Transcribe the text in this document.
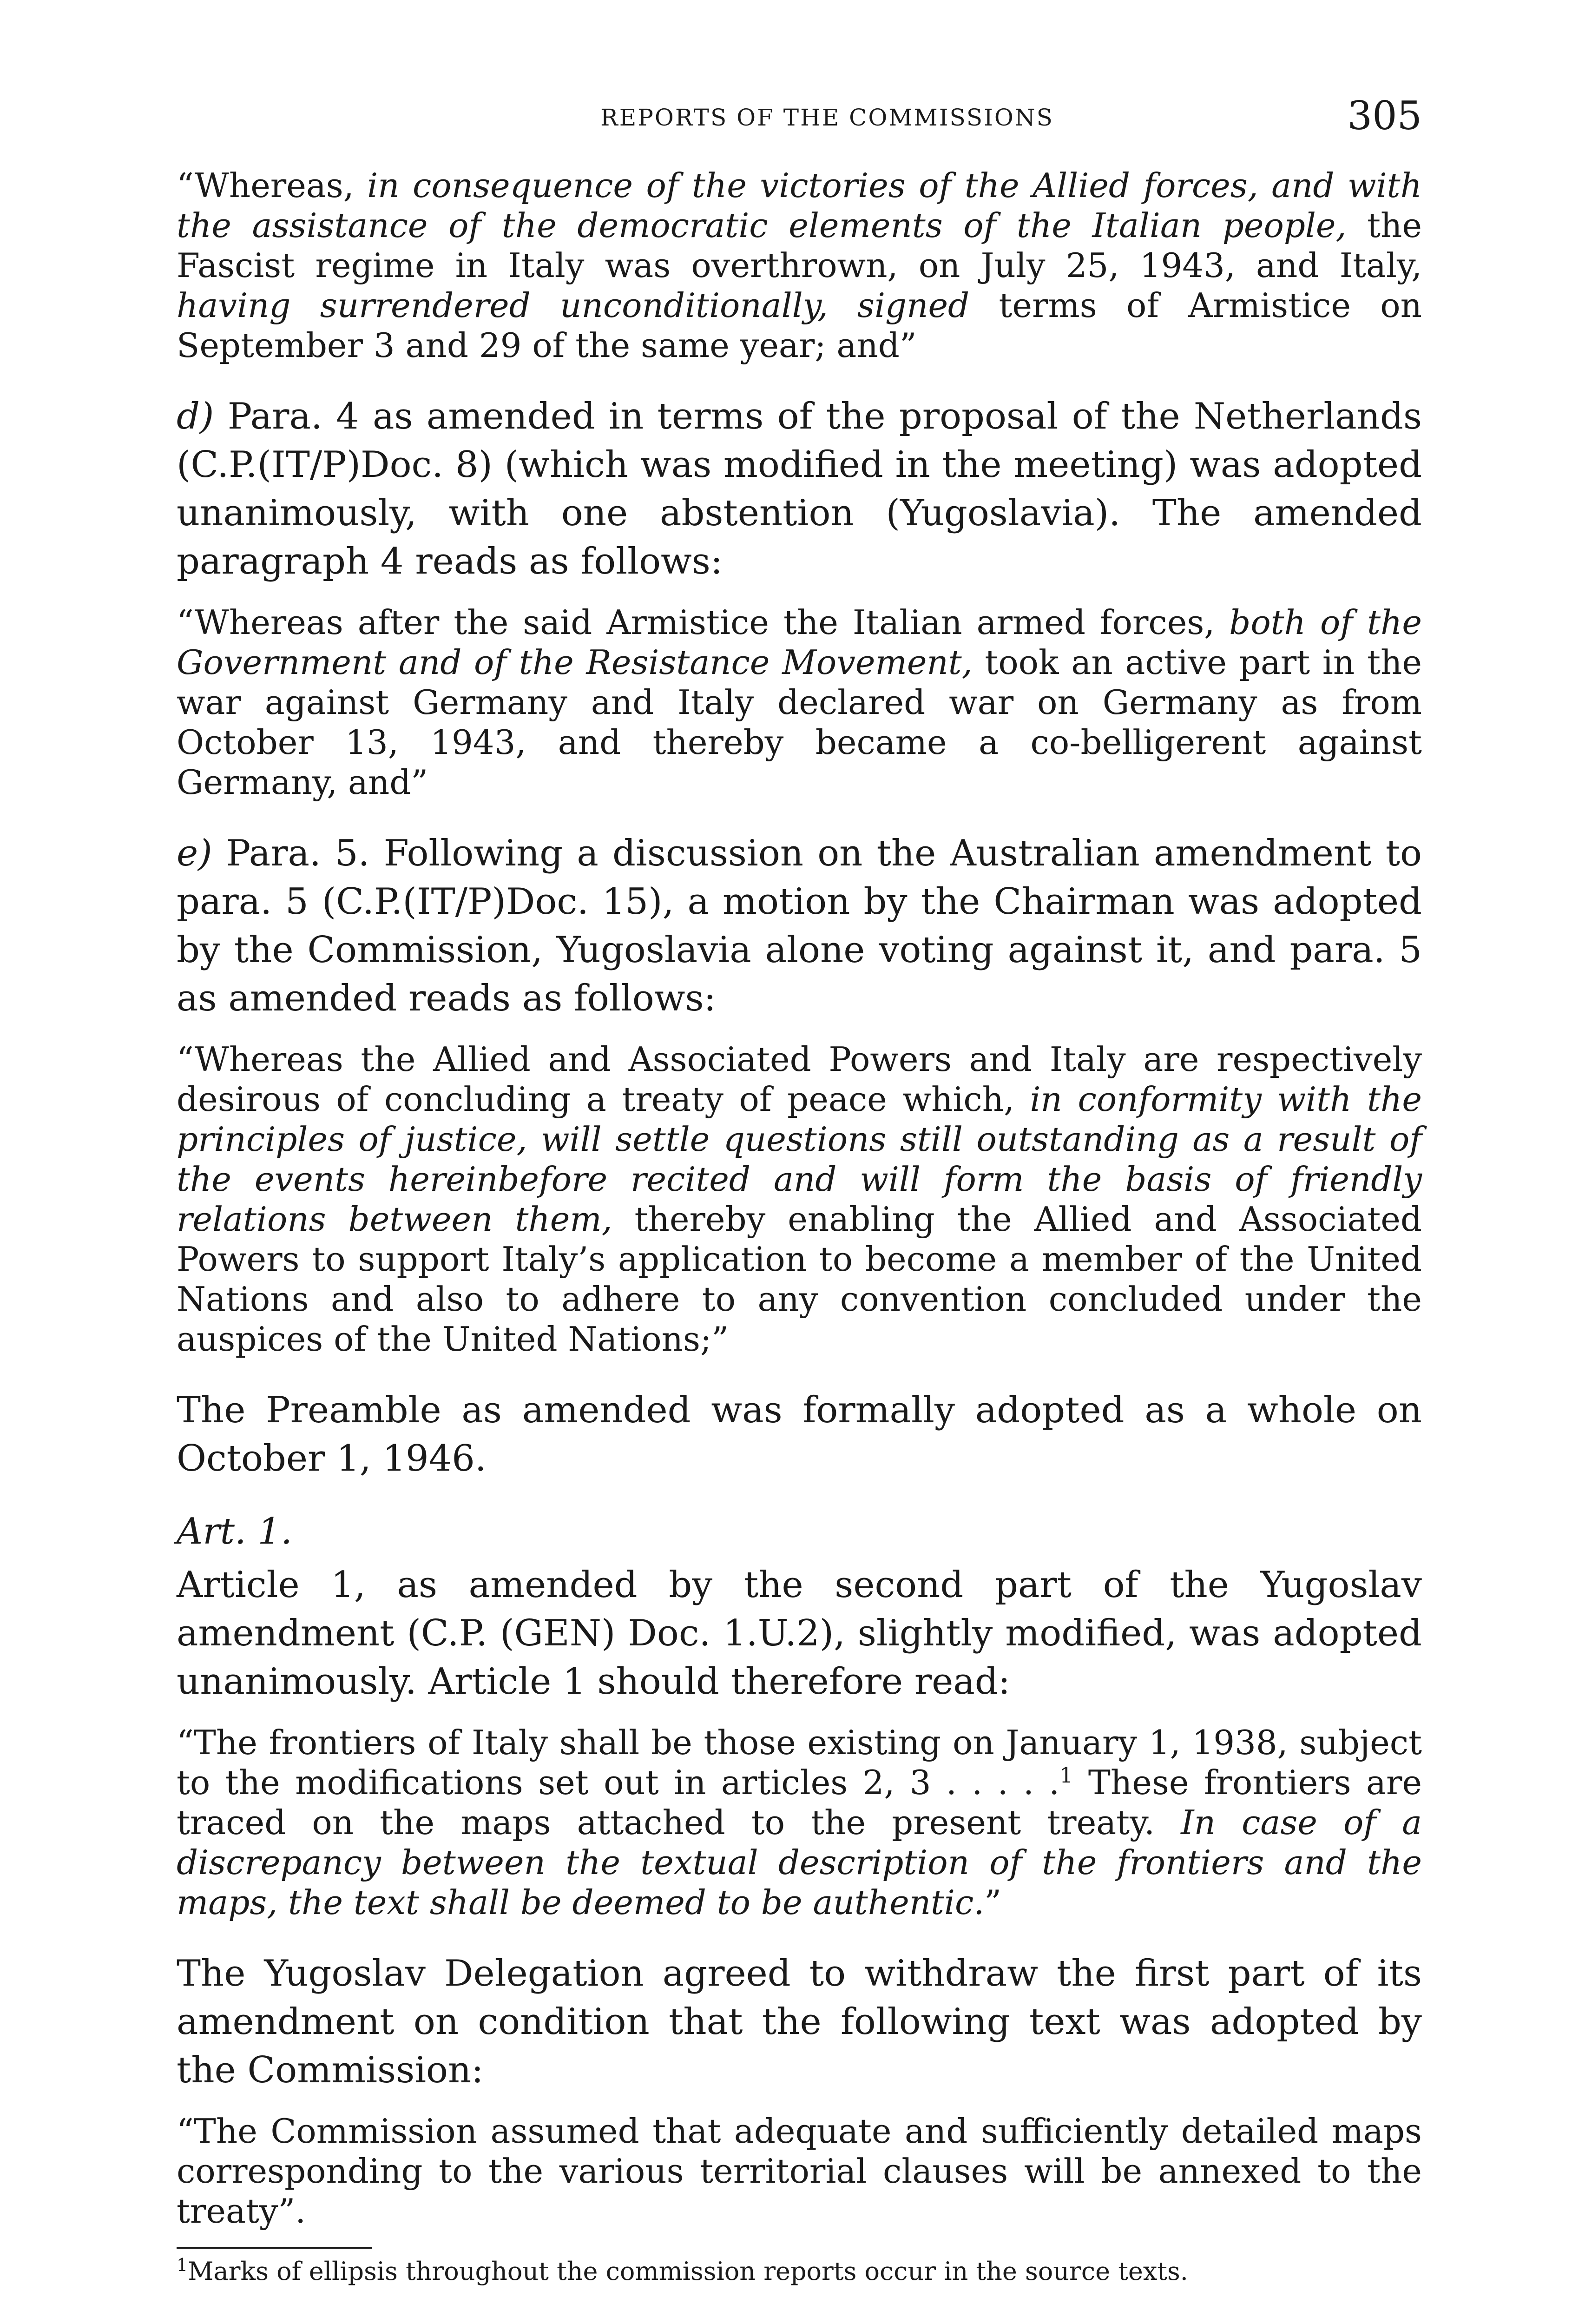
REPORTS OF THE COMMISSIONS	305

“Whereas, in consequence of the victories of the Allied forces, and with the assistance of the democratic elements of the Italian people, the Fascist regime in Italy was overthrown, on July 25, 1943, and Italy, having surrendered unconditionally, signed terms of Armistice on September 3 and 29 of the same year; and”

d) Para. 4 as amended in terms of the proposal of the Netherlands (C.P.(IT/P)Doc. 8) (which was modified in the meeting) was adopted unanimously, with one abstention (Yugoslavia). The amended paragraph 4 reads as follows:

“Whereas after the said Armistice the Italian armed forces, both of the Government and of the Resistance Movement, took an active part in the war against Germany and Italy declared war on Germany as from October 13, 1943, and thereby became a co-belligerent against Germany, and”

e) Para. 5. Following a discussion on the Australian amendment to para. 5 (C.P.(IT/P)Doc. 15), a motion by the Chairman was adopted by the Commission, Yugoslavia alone voting against it, and para. 5 as amended reads as follows:

“Whereas the Allied and Associated Powers and Italy are respectively desirous of concluding a treaty of peace which, in conformity with the principles of justice, will settle questions still outstanding as a result of the events hereinbefore recited and will form the basis of friendly relations between them, thereby enabling the Allied and Associated Powers to support Italy’s application to become a member of the United Nations and also to adhere to any convention concluded under the auspices of the United Nations;”

The Preamble as amended was formally adopted as a whole on October 1, 1946.

Art. 1.

Article 1, as amended by the second part of the Yugoslav amendment (C.P. (GEN) Doc. 1.U.2), slightly modified, was adopted unanimously. Article 1 should therefore read:

“The frontiers of Italy shall be those existing on January 1, 1938, subject to the modifications set out in articles 2, 3 . . . . .$^1$ These frontiers are traced on the maps attached to the present treaty. In case of a discrepancy between the textual description of the frontiers and the maps, the text shall be deemed to be authentic.”

The Yugoslav Delegation agreed to withdraw the first part of its amendment on condition that the following text was adopted by the Commission:

“The Commission assumed that adequate and sufficiently detailed maps corresponding to the various territorial clauses will be annexed to the treaty”.

$^1$Marks of ellipsis throughout the commission reports occur in the source texts.
